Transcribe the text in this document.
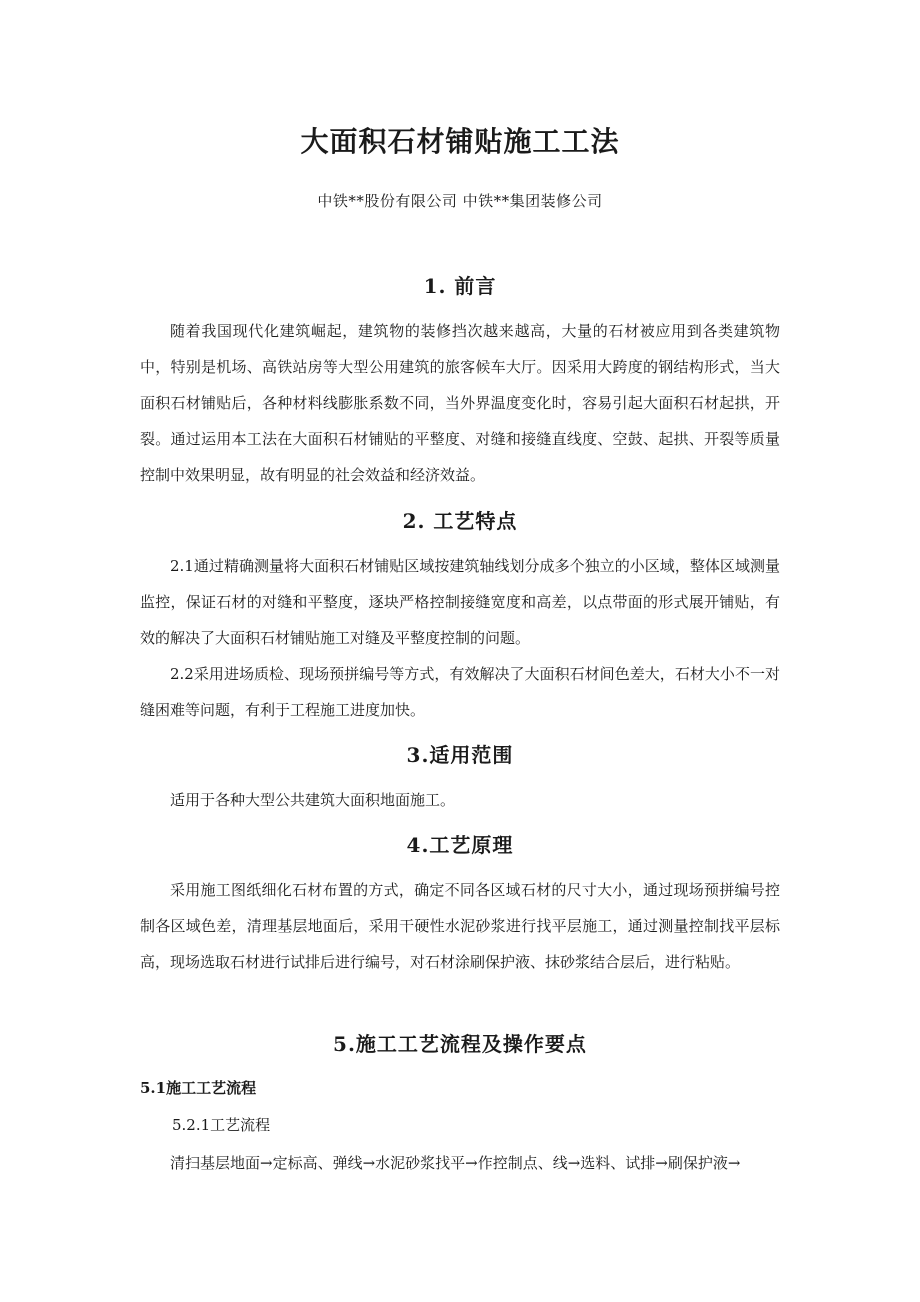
大面积石材铺贴施工工法
中铁**股份有限公司 中铁**集团装修公司
1. 前言

随着我国现代化建筑崛起，建筑物的装修挡次越来越高，大量的石材被应用到各类建筑物中，特别是机场、高铁站房等大型公用建筑的旅客候车大厅。因采用大跨度的钢结构形式，当大面积石材铺贴后，各种材料线膨胀系数不同，当外界温度变化时，容易引起大面积石材起拱，开裂。通过运用本工法在大面积石材铺贴的平整度、对缝和接缝直线度、空鼓、起拱、开裂等质量控制中效果明显，故有明显的社会效益和经济效益。

2. 工艺特点

2.1通过精确测量将大面积石材铺贴区域按建筑轴线划分成多个独立的小区域，整体区域测量监控，保证石材的对缝和平整度，逐块严格控制接缝宽度和高差，以点带面的形式展开铺贴，有效的解决了大面积石材铺贴施工对缝及平整度控制的问题。

2.2采用进场质检、现场预拼编号等方式，有效解决了大面积石材间色差大，石材大小不一对缝困难等问题，有利于工程施工进度加快。

3.适用范围

适用于各种大型公共建筑大面积地面施工。

4.工艺原理

采用施工图纸细化石材布置的方式，确定不同各区域石材的尺寸大小，通过现场预拼编号控制各区域色差，清理基层地面后，采用干硬性水泥砂浆进行找平层施工，通过测量控制找平层标高，现场选取石材进行试排后进行编号，对石材涂刷保护液、抹砂浆结合层后，进行粘贴。

5.施工工艺流程及操作要点
5.1施工工艺流程
5.2.1工艺流程

清扫基层地面→定标高、弹线→水泥砂浆找平→作控制点、线→选料、试排→刷保护液→
